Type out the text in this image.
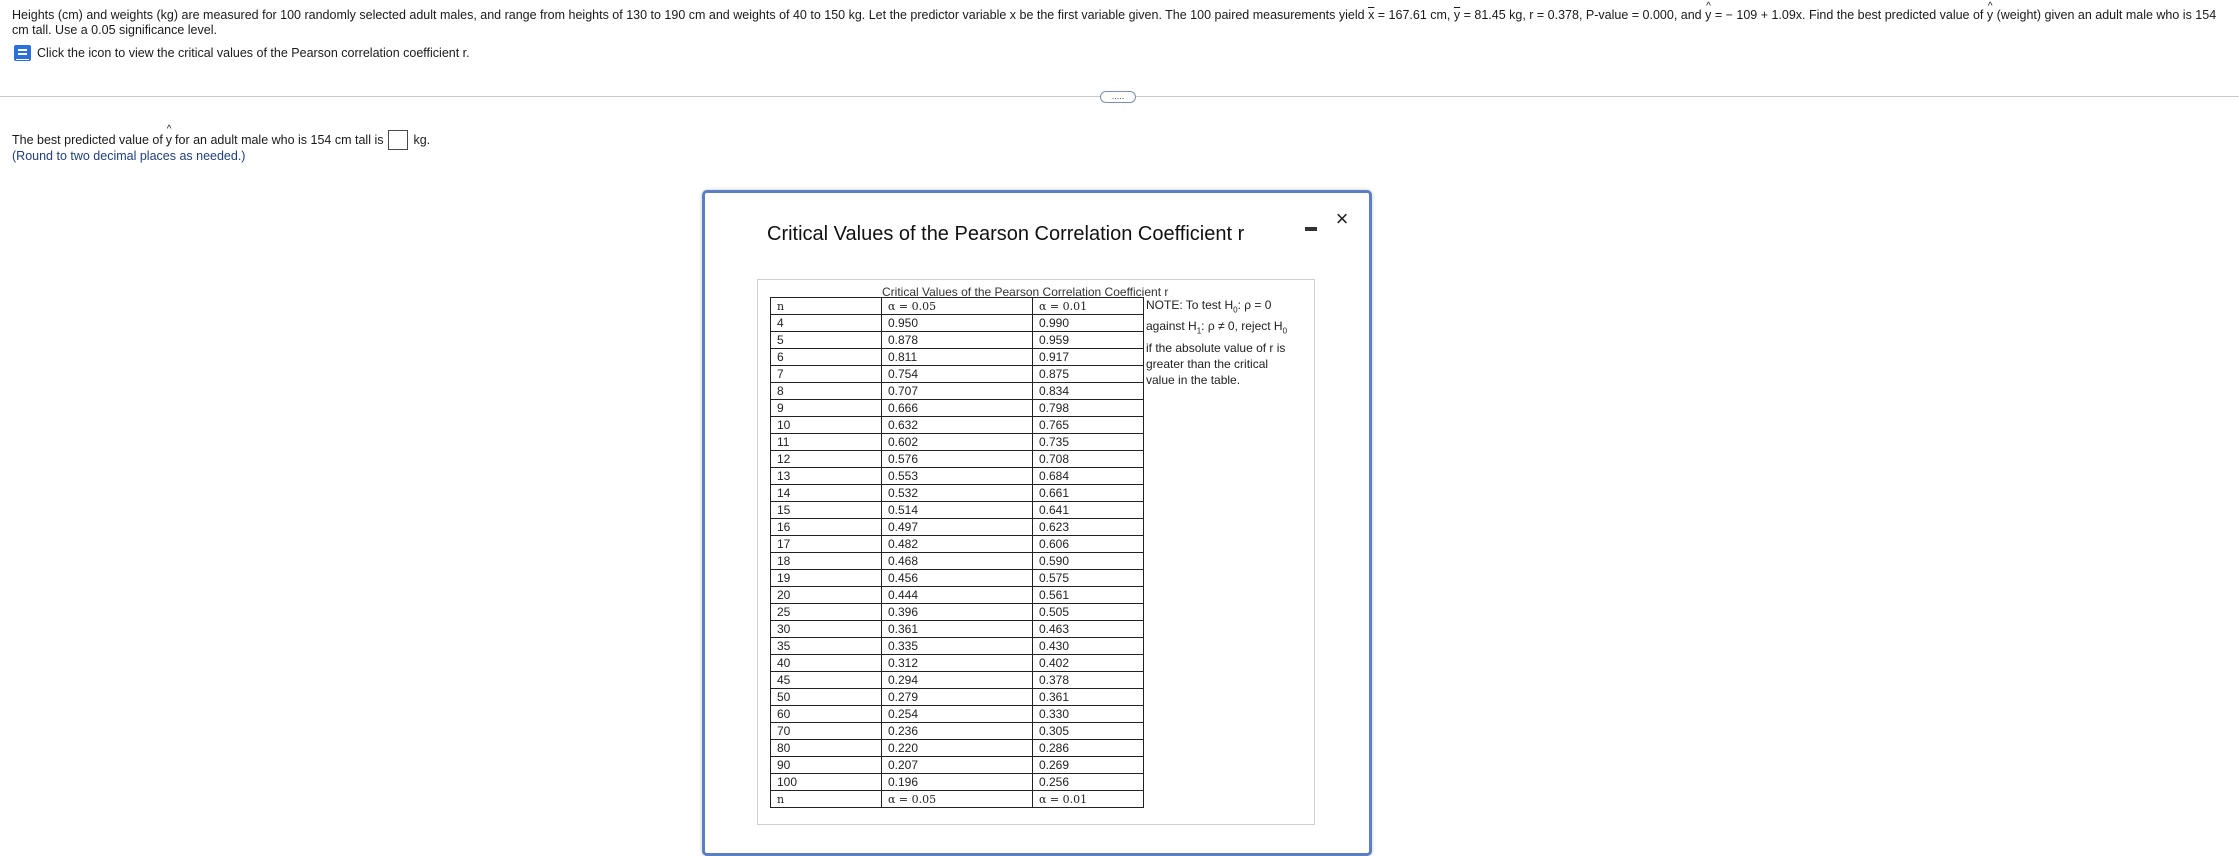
Heights (cm) and weights (kg) are measured for 100 randomly selected adult males, and range from heights of 130 to 190 cm and weights of 40 to 150 kg. Let the predictor variable x be the first variable given. The 100 paired measurements yield $\overline{x} = 167.61$ cm, $\overline{y} = 81.45$ kg, r = 0.378, P-value = 0.000, and ^ y = − 109 + 1.09x. Find the best predicted value of ^ y (weight) given an adult male who is 154 cm tall. Use a 0.05 significance level.
Click the icon to view the critical values of the Pearson correlation coefficient r.
.....
The best predicted value of ^ y for an adult male who is 154 cm tall is kg.
(Round to two decimal places as needed.)
Critical Values of the Pearson Correlation Coefficient r
×
Critical Values of the Pearson Correlation Coefficient r
n	α = 0.05	α = 0.01
4	0.950	0.990
5	0.878	0.959
6	0.811	0.917
7	0.754	0.875
8	0.707	0.834
9	0.666	0.798
10	0.632	0.765
11	0.602	0.735
12	0.576	0.708
13	0.553	0.684
14	0.532	0.661
15	0.514	0.641
16	0.497	0.623
17	0.482	0.606
18	0.468	0.590
19	0.456	0.575
20	0.444	0.561
25	0.396	0.505
30	0.361	0.463
35	0.335	0.430
40	0.312	0.402
45	0.294	0.378
50	0.279	0.361
60	0.254	0.330
70	0.236	0.305
80	0.220	0.286
90	0.207	0.269
100	0.196	0.256
n	α = 0.05	α = 0.01
NOTE: To test $H_0$: ρ = 0
against $H_1$: ρ ≠ 0, reject $H_0$
if the absolute value of r is
greater than the critical
value in the table.
